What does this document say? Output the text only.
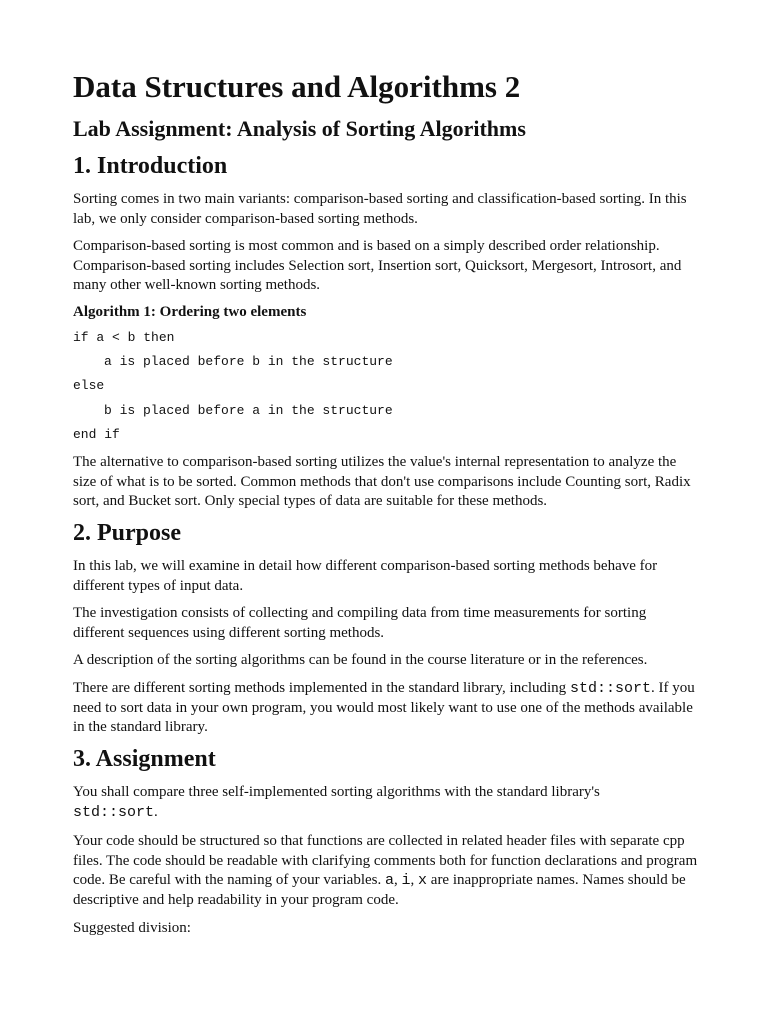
Data Structures and Algorithms 2
Lab Assignment: Analysis of Sorting Algorithms
1. Introduction

Sorting comes in two main variants: comparison-based sorting and classification-based sorting. In this lab, we only consider comparison-based sorting methods.

Comparison-based sorting is most common and is based on a simply described order relationship. Comparison-based sorting includes Selection sort, Insertion sort, Quicksort, Mergesort, Introsort, and many other well-known sorting methods.

Algorithm 1: Ordering two elements
if a < b then
a is placed before b in the structure
else
b is placed before a in the structure
end if

The alternative to comparison-based sorting utilizes the value's internal representation to analyze the size of what is to be sorted. Common methods that don't use comparisons include Counting sort, Radix sort, and Bucket sort. Only special types of data are suitable for these methods.

2. Purpose

In this lab, we will examine in detail how different comparison-based sorting methods behave for different types of input data.

The investigation consists of collecting and compiling data from time measurements for sorting different sequences using different sorting methods.

A description of the sorting algorithms can be found in the course literature or in the references.

There are different sorting methods implemented in the standard library, including std::sort. If you need to sort data in your own program, you would most likely want to use one of the methods available in the standard library.

3. Assignment

You shall compare three self-implemented sorting algorithms with the standard library's
std::sort.

Your code should be structured so that functions are collected in related header files with separate cpp files. The code should be readable with clarifying comments both for function declarations and program code. Be careful with the naming of your variables. a, i, x are inappropriate names. Names should be descriptive and help readability in your program code.

Suggested division:
